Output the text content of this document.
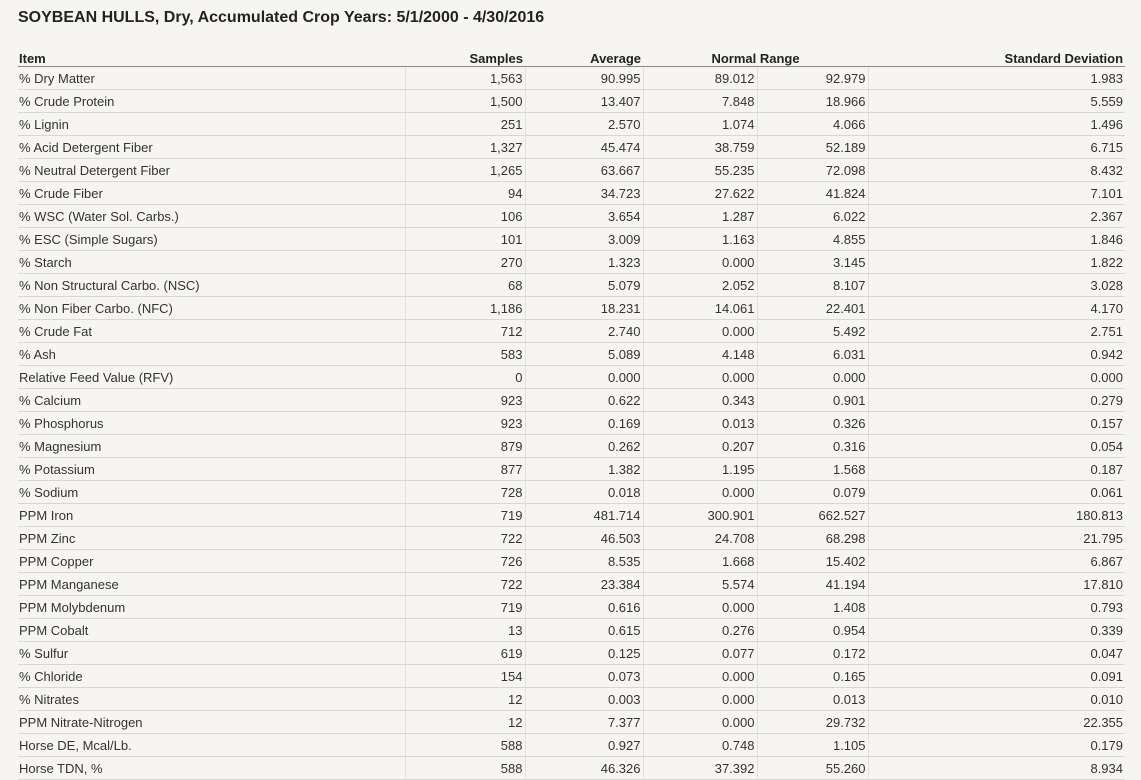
SOYBEAN HULLS, Dry, Accumulated Crop Years: 5/1/2000 - 4/30/2016
Item	Samples	Average	Normal Range		Standard Deviation
% Dry Matter	1,563	90.995	89.012	92.979	1.983
% Crude Protein	1,500	13.407	7.848	18.966	5.559
% Lignin	251	2.570	1.074	4.066	1.496
% Acid Detergent Fiber	1,327	45.474	38.759	52.189	6.715
% Neutral Detergent Fiber	1,265	63.667	55.235	72.098	8.432
% Crude Fiber	94	34.723	27.622	41.824	7.101
% WSC (Water Sol. Carbs.)	106	3.654	1.287	6.022	2.367
% ESC (Simple Sugars)	101	3.009	1.163	4.855	1.846
% Starch	270	1.323	0.000	3.145	1.822
% Non Structural Carbo. (NSC)	68	5.079	2.052	8.107	3.028
% Non Fiber Carbo. (NFC)	1,186	18.231	14.061	22.401	4.170
% Crude Fat	712	2.740	0.000	5.492	2.751
% Ash	583	5.089	4.148	6.031	0.942
Relative Feed Value (RFV)	0	0.000	0.000	0.000	0.000
% Calcium	923	0.622	0.343	0.901	0.279
% Phosphorus	923	0.169	0.013	0.326	0.157
% Magnesium	879	0.262	0.207	0.316	0.054
% Potassium	877	1.382	1.195	1.568	0.187
% Sodium	728	0.018	0.000	0.079	0.061
PPM Iron	719	481.714	300.901	662.527	180.813
PPM Zinc	722	46.503	24.708	68.298	21.795
PPM Copper	726	8.535	1.668	15.402	6.867
PPM Manganese	722	23.384	5.574	41.194	17.810
PPM Molybdenum	719	0.616	0.000	1.408	0.793
PPM Cobalt	13	0.615	0.276	0.954	0.339
% Sulfur	619	0.125	0.077	0.172	0.047
% Chloride	154	0.073	0.000	0.165	0.091
% Nitrates	12	0.003	0.000	0.013	0.010
PPM Nitrate-Nitrogen	12	7.377	0.000	29.732	22.355
Horse DE, Mcal/Lb.	588	0.927	0.748	1.105	0.179
Horse TDN, %	588	46.326	37.392	55.260	8.934
